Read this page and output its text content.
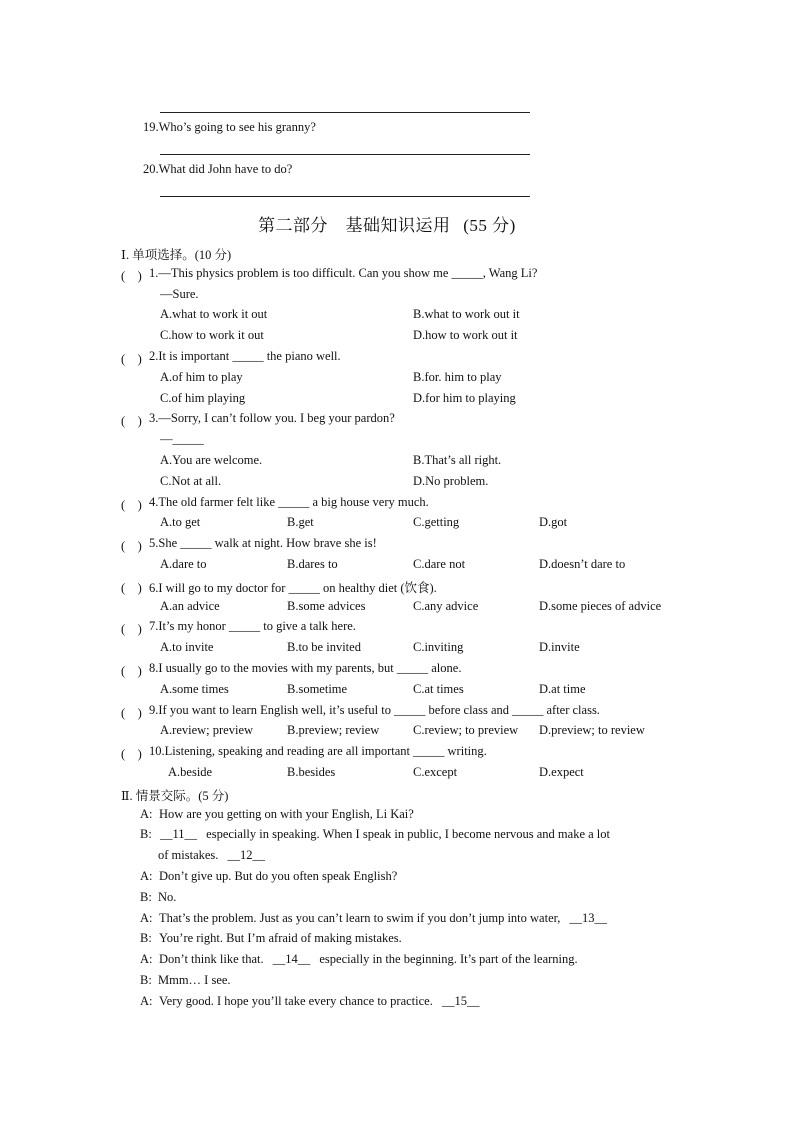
19.Who’s going to see his granny?
20.What did John have to do?
第二部分　基础知识运用 (55 分)
Ⅰ. 单项选择。(10 分)
(　) 1.—This physics problem is too difficult. Can you show me _____, Wang Li?
—Sure.
A.what to work it out	B.what to work out it
C.how to work it out	D.how to work out it
(　) 2.It is important _____ the piano well.
A.of him to play	B.for. him to play
C.of him playing	D.for him to playing
(　) 3.—Sorry, I can’t follow you. I beg your pardon?
—_____
A.You are welcome.	B.That’s all right.
C.Not at all.	D.No problem.
(　) 4.The old farmer felt like _____ a big house very much.
A.to get	B.get	C.getting	D.got
(　) 5.She _____ walk at night. How brave she is!
A.dare to	B.dares to	C.dare not	D.doesn’t dare to
(　) 6.I will go to my doctor for _____ on healthy diet (饮食).
A.an advice	B.some advices	C.any advice	D.some pieces of advice
(　) 7.It’s my honor _____ to give a talk here.
A.to invite	B.to be invited	C.inviting	D.invite
(　) 8.I usually go to the movies with my parents, but _____ alone.
A.some times	B.sometime	C.at times	D.at time
(　) 9.If you want to learn English well, it’s useful to _____ before class and _____ after class.
A.review; preview	B.preview; review	C.review; to preview D.preview; to review
(　) 10.Listening, speaking and reading are all important _____ writing.
A.beside	B.besides	C.except	D.expect
Ⅱ. 情景交际。(5 分)
A: How are you getting on with your English, Li Kai?
B: __11__ especially in speaking. When I speak in public, I become nervous and make a lot
of mistakes. __12__
A: Don’t give up. But do you often speak English?
B: No.
A: That’s the problem. Just as you can’t learn to swim if you don’t jump into water, __13__
B: You’re right. But I’m afraid of making mistakes.
A: Don’t think like that. __14__ especially in the beginning. It’s part of the learning.
B: Mmm… I see.
A: Very good. I hope you’ll take every chance to practice. __15__
